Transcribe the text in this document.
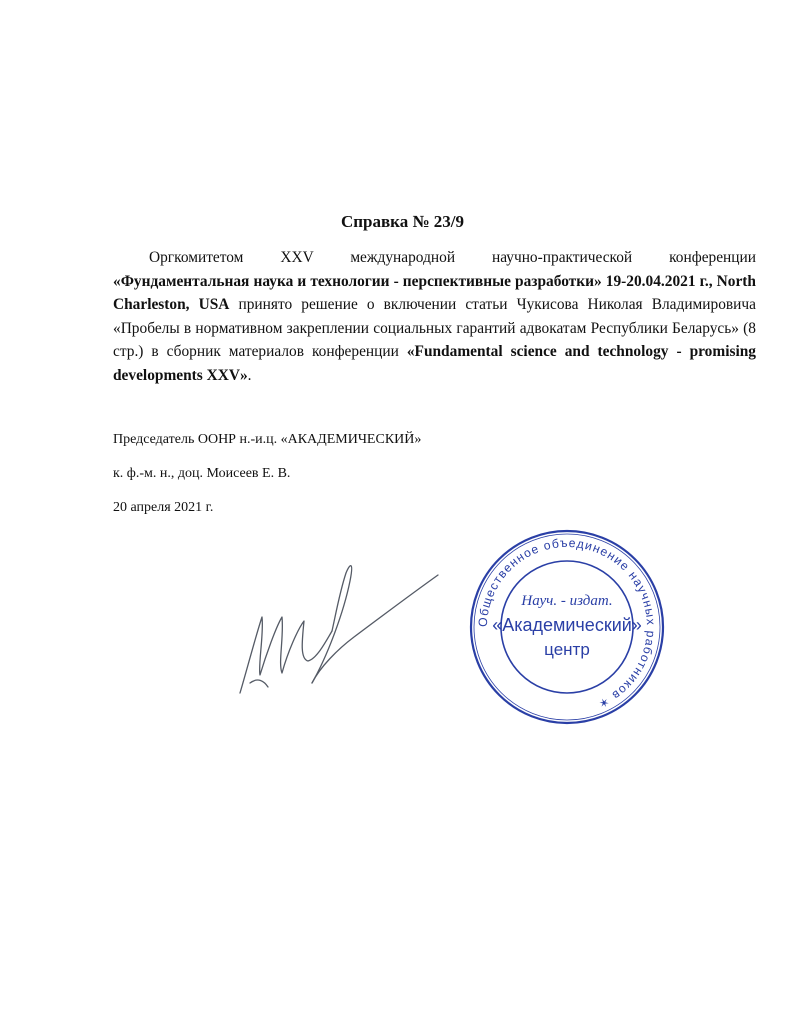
Справка № 23/9
Оргкомитетом XXV международной научно-практической конференции «Фундаментальная наука и технологии - перспективные разработки» 19-20.04.2021 г., North Charleston, USA принято решение о включении статьи Чукисова Николая Владимировича «Пробелы в нормативном закреплении социальных гарантий адвокатам Республики Беларусь» (8 стр.) в сборник материалов конференции «Fundamental science and technology - promising developments XXV».
Председатель ООНР н.-и.ц. «АКАДЕМИЧЕСКИЙ»
к. ф.-м. н., доц. Моисеев Е. В.
20 апреля 2021 г.
Общественное объединение научных работников ✶
Науч. - издат.
«Академический»
центр
